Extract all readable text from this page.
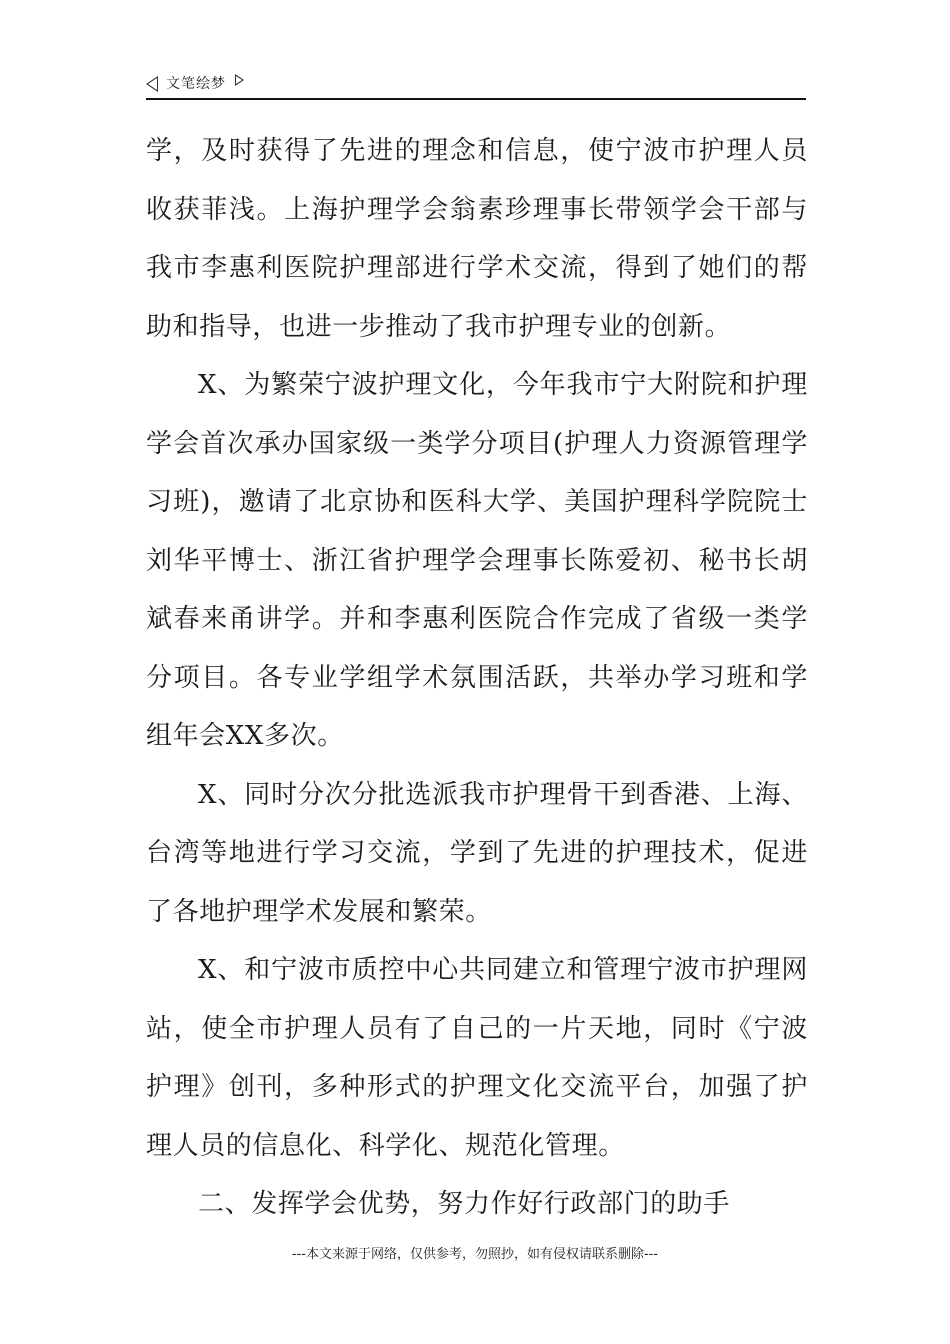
文笔绘梦

学，及时获得了先进的理念和信息，使宁波市护理人员收获菲浅。上海护理学会翁素珍理事长带领学会干部与我市李惠利医院护理部进行学术交流，得到了她们的帮助和指导，也进一步推动了我市护理专业的创新。

X、为繁荣宁波护理文化，今年我市宁大附院和护理学会首次承办国家级一类学分项目(护理人力资源管理学习班)，邀请了北京协和医科大学、美国护理科学院院士刘华平博士、浙江省护理学会理事长陈爱初、秘书长胡斌春来甬讲学。并和李惠利医院合作完成了省级一类学分项目。各专业学组学术氛围活跃，共举办学习班和学组年会XX多次。

X、同时分次分批选派我市护理骨干到香港、上海、台湾等地进行学习交流，学到了先进的护理技术，促进了各地护理学术发展和繁荣。

X、和宁波市质控中心共同建立和管理宁波市护理网站，使全市护理人员有了自己的一片天地，同时《宁波护理》创刊，多种形式的护理文化交流平台，加强了护理人员的信息化、科学化、规范化管理。

二、发挥学会优势，努力作好行政部门的助手

---本文来源于网络，仅供参考，勿照抄，如有侵权请联系删除---
